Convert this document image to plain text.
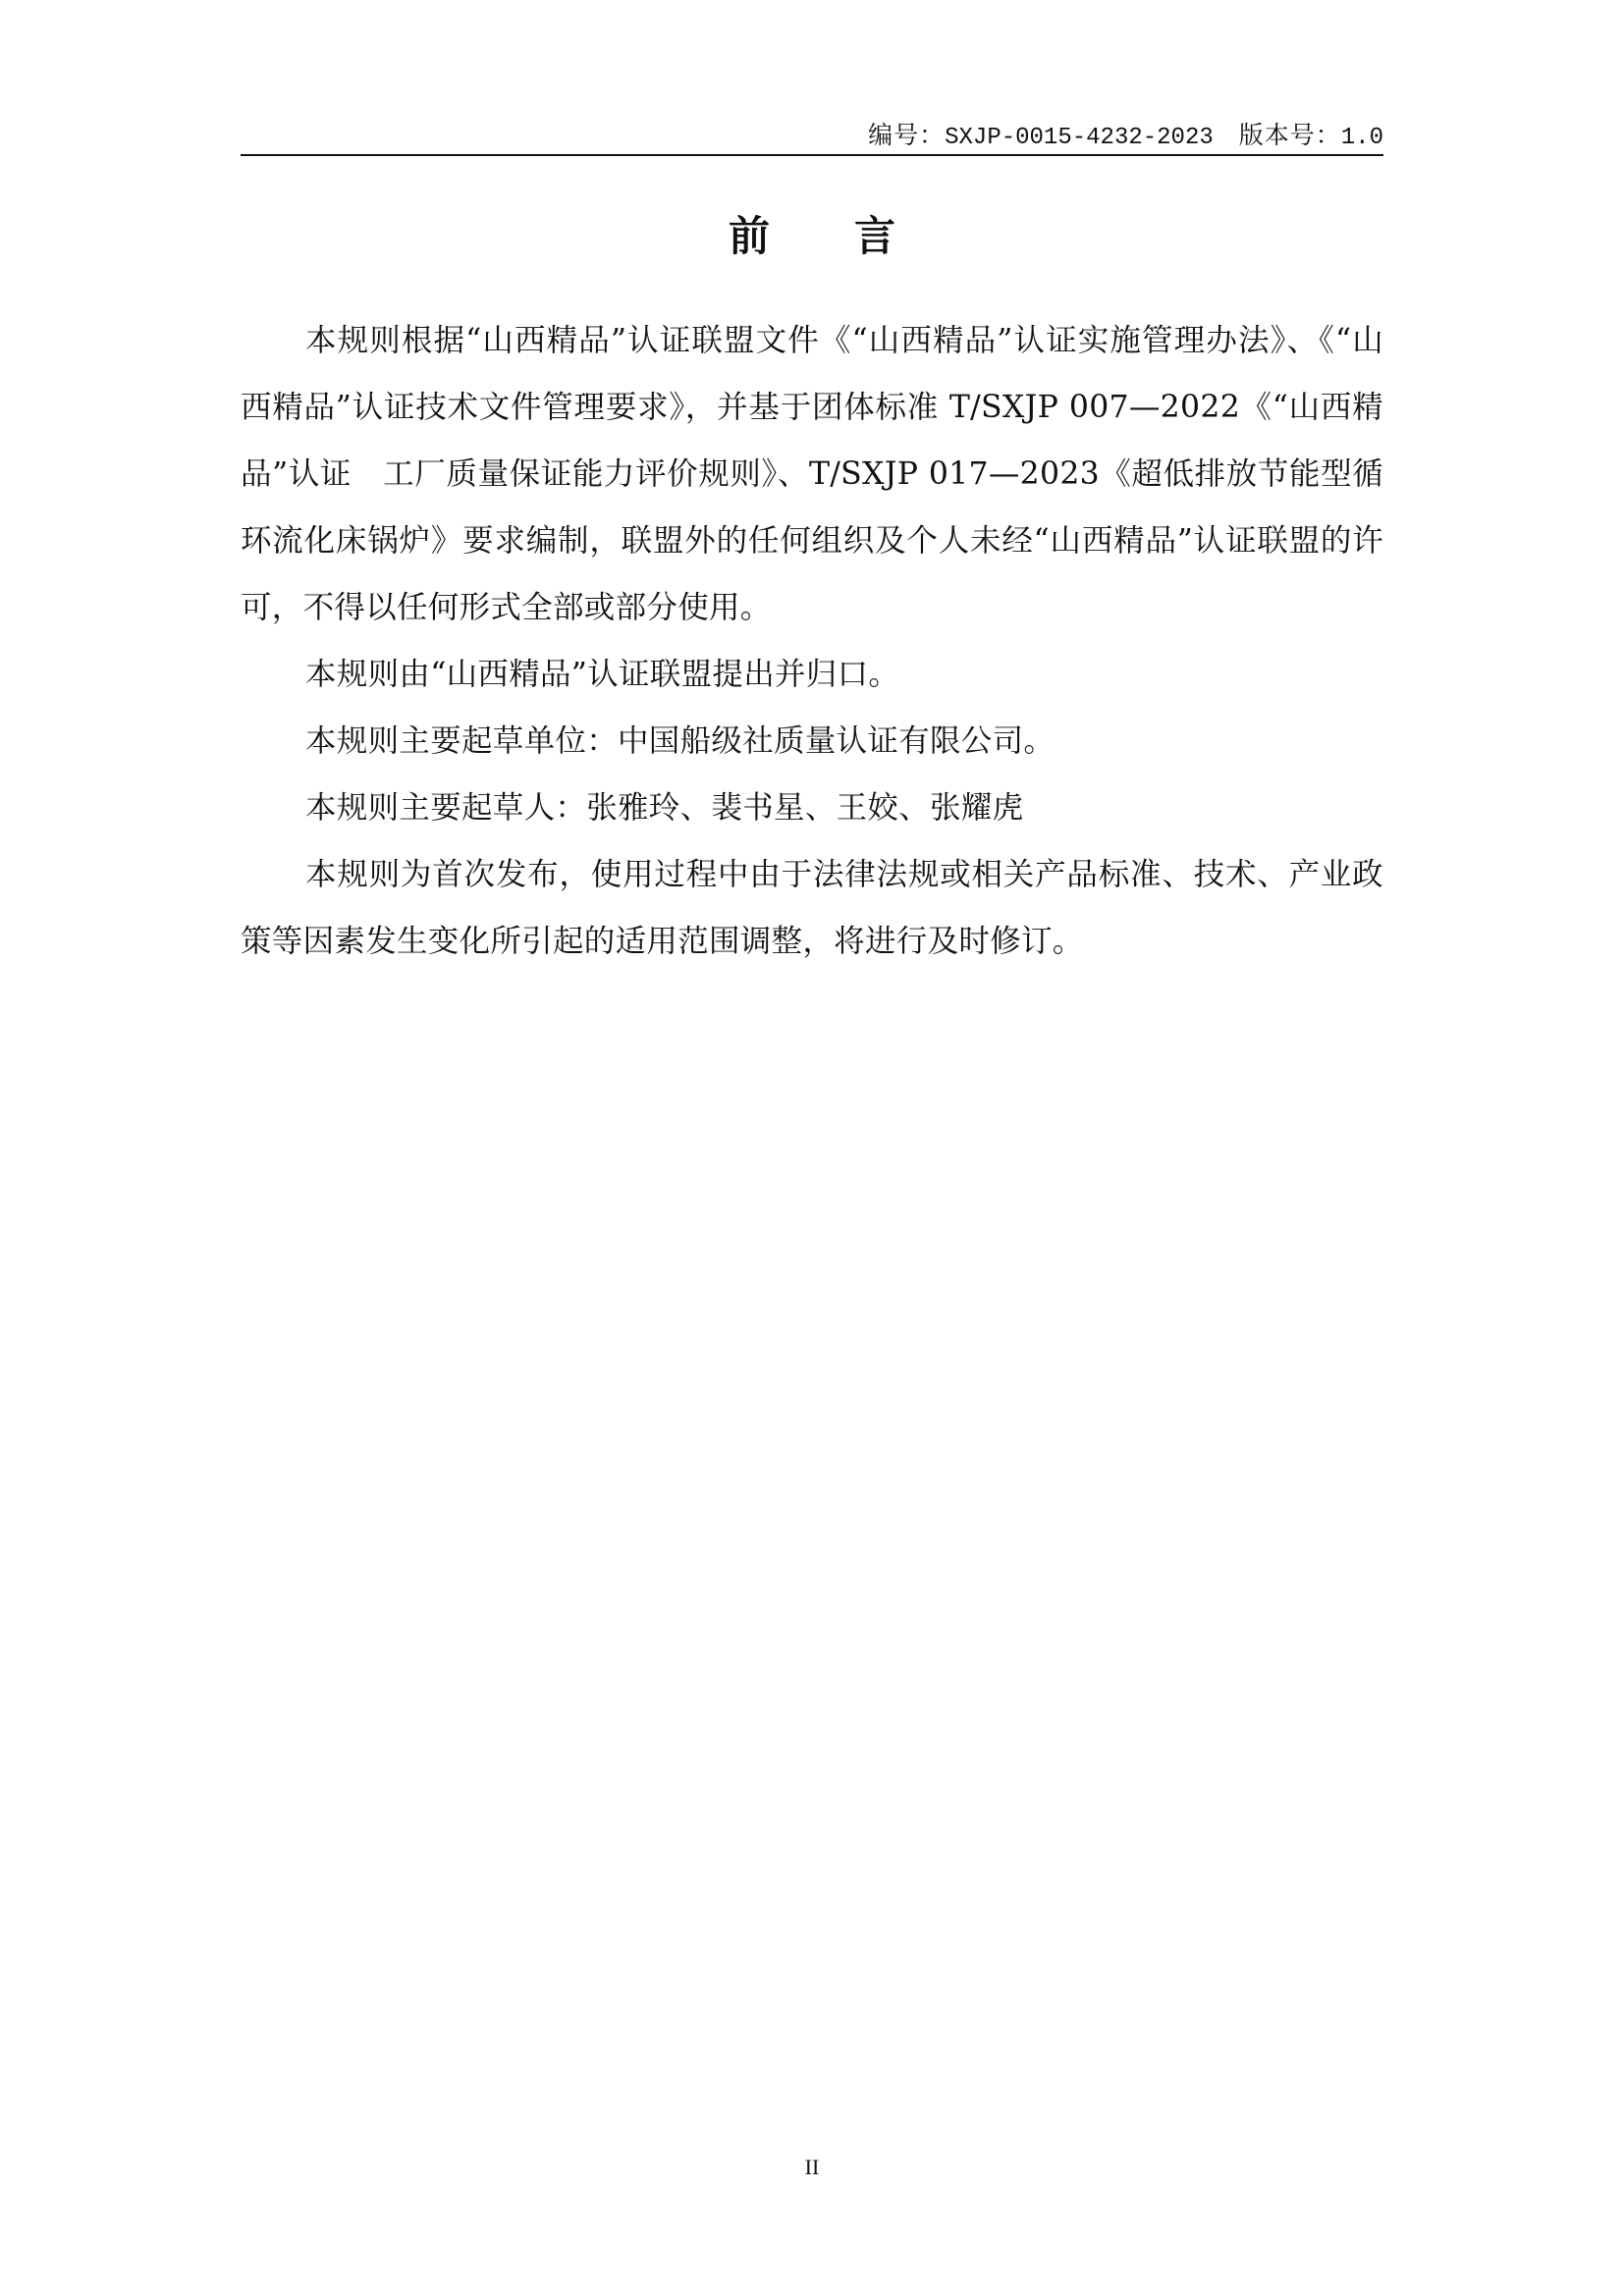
编号：SXJP-0015-4232-2023 版本号：1.0
前　言

本规则根据“山西精品”认证联盟文件《“山西精品”认证实施管理办法》、《“山西精品”认证技术文件管理要求》，并基于团体标准 T/SXJP 007—2022《“山西精品”认证　工厂质量保证能力评价规则》、T/SXJP 017—2023《超低排放节能型循环流化床锅炉》要求编制，联盟外的任何组织及个人未经“山西精品”认证联盟的许可，不得以任何形式全部或部分使用。

本规则由“山西精品”认证联盟提出并归口。

本规则主要起草单位：中国船级社质量认证有限公司。

本规则主要起草人：张雅玲、裴书星、王姣、张耀虎

本规则为首次发布，使用过程中由于法律法规或相关产品标准、技术、产业政策等因素发生变化所引起的适用范围调整，将进行及时修订。

II
